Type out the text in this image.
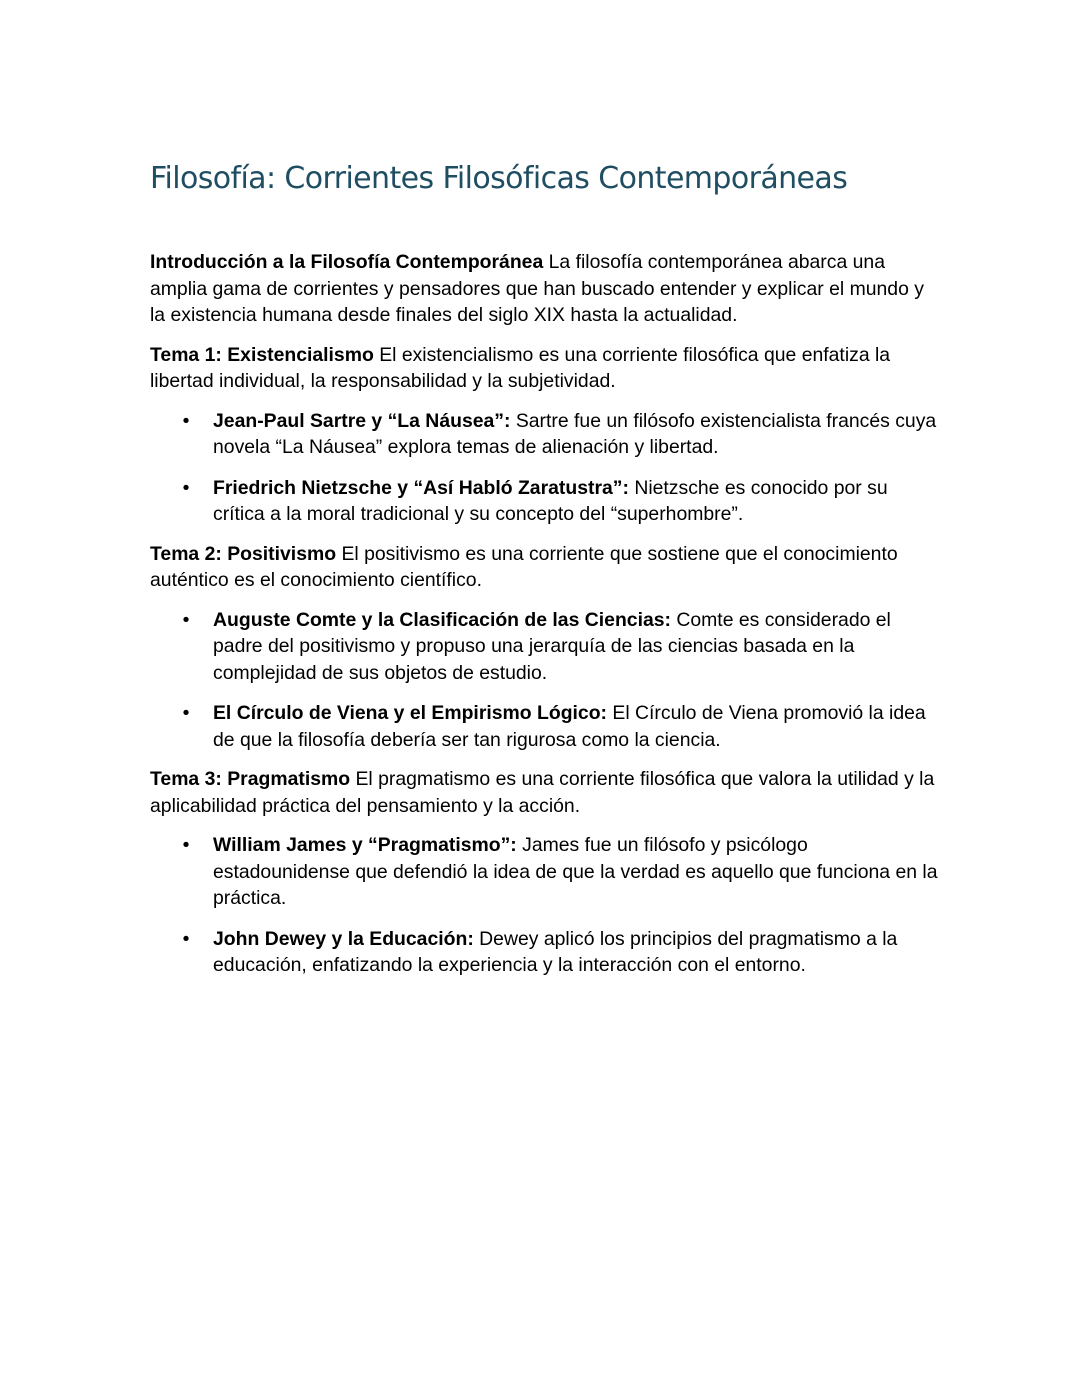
Filosofía: Corrientes Filosóficas Contemporáneas

Introducción a la Filosofía Contemporánea La filosofía contemporánea abarca una amplia gama de corrientes y pensadores que han buscado entender y explicar el mundo y la existencia humana desde finales del siglo XIX hasta la actualidad.

Tema 1: Existencialismo El existencialismo es una corriente filosófica que enfatiza la libertad individual, la responsabilidad y la subjetividad.

• Jean-Paul Sartre y “La Náusea”: Sartre fue un filósofo existencialista francés cuya novela “La Náusea” explora temas de alienación y libertad.
• Friedrich Nietzsche y “Así Habló Zaratustra”: Nietzsche es conocido por su crítica a la moral tradicional y su concepto del “superhombre”.

Tema 2: Positivismo El positivismo es una corriente que sostiene que el conocimiento auténtico es el conocimiento científico.

• Auguste Comte y la Clasificación de las Ciencias: Comte es considerado el padre del positivismo y propuso una jerarquía de las ciencias basada en la complejidad de sus objetos de estudio.
• El Círculo de Viena y el Empirismo Lógico: El Círculo de Viena promovió la idea de que la filosofía debería ser tan rigurosa como la ciencia.

Tema 3: Pragmatismo El pragmatismo es una corriente filosófica que valora la utilidad y la aplicabilidad práctica del pensamiento y la acción.

• William James y “Pragmatismo”: James fue un filósofo y psicólogo estadounidense que defendió la idea de que la verdad es aquello que funciona en la práctica.
• John Dewey y la Educación: Dewey aplicó los principios del pragmatismo a la educación, enfatizando la experiencia y la interacción con el entorno.
